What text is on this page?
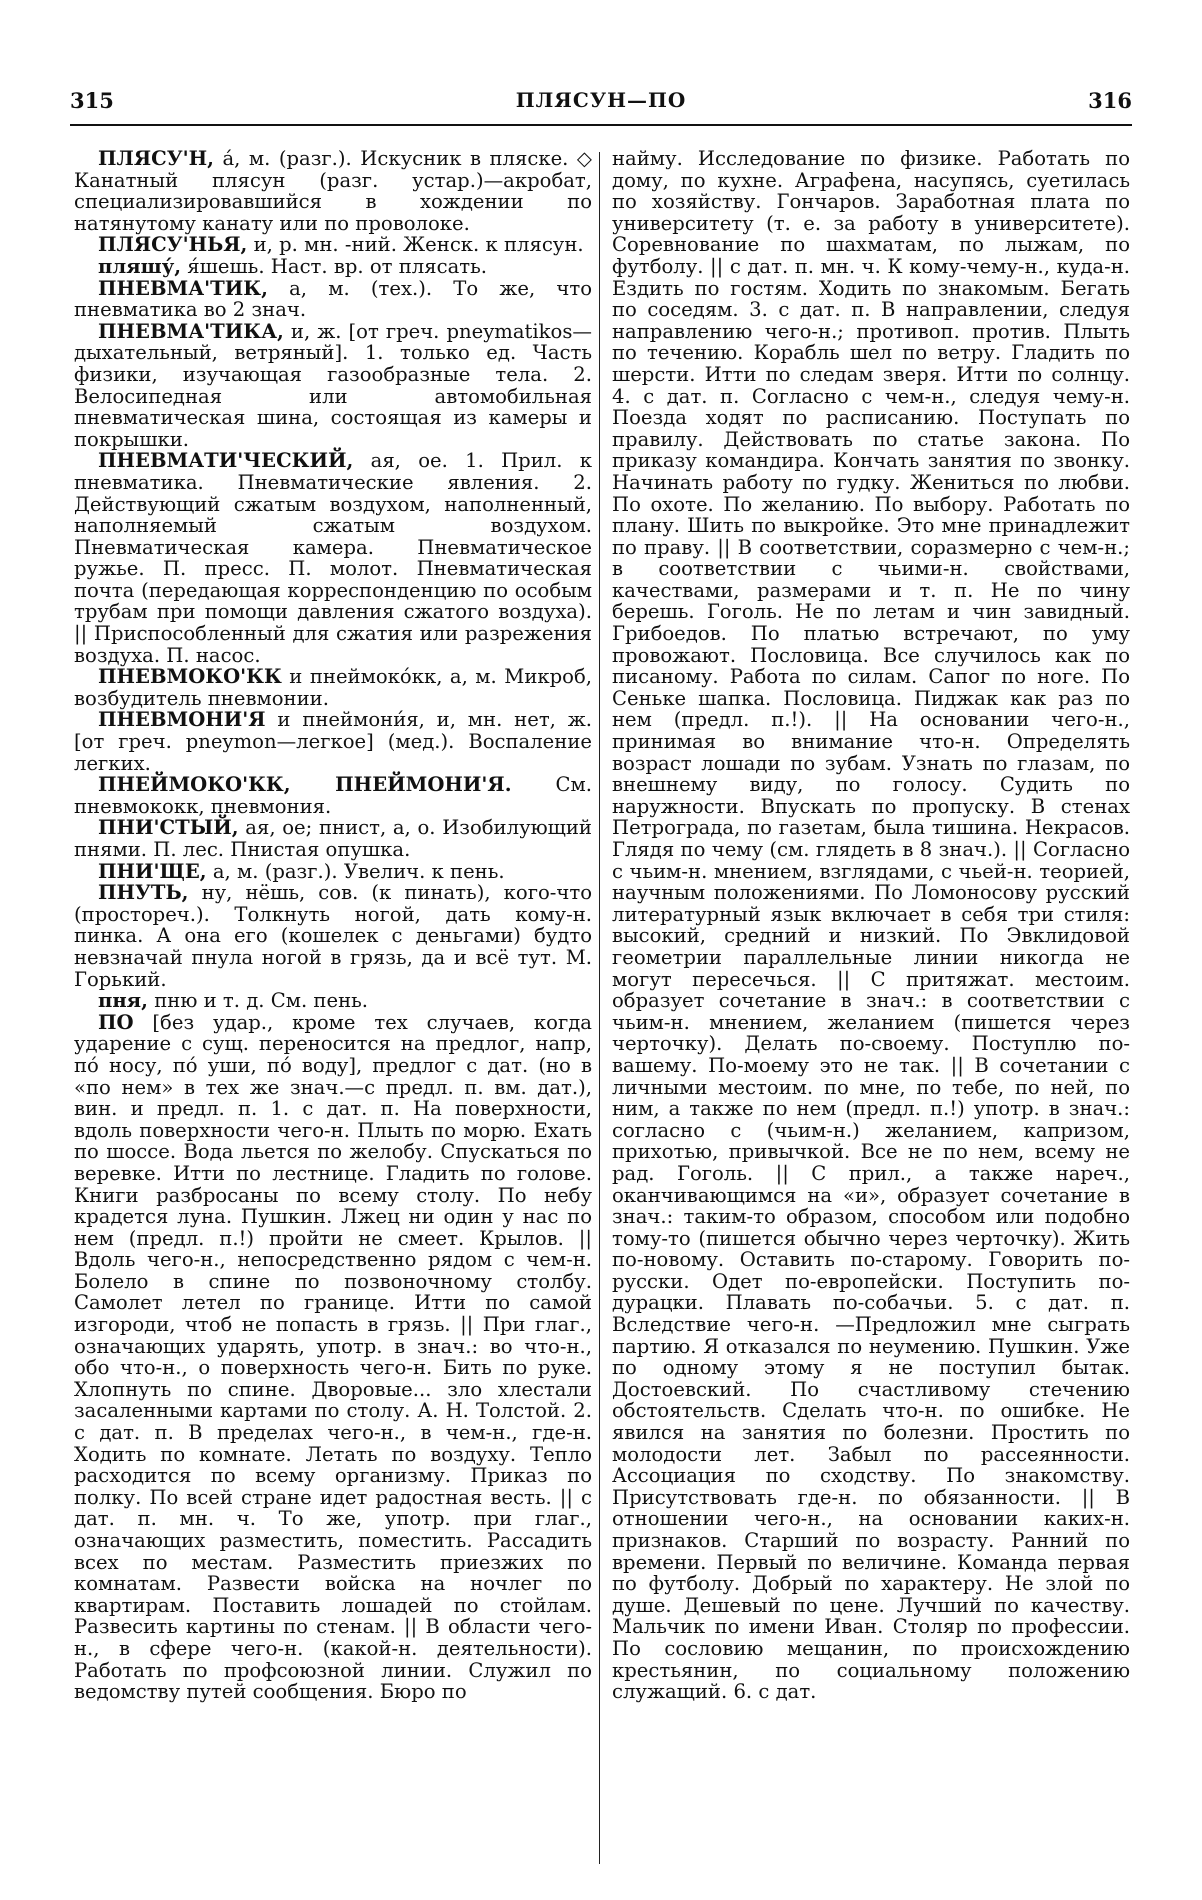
315	ПЛЯСУН—ПО	316

ПЛЯСУ'Н, а́, м. (разг.). Искусник в пляске. ◇ Канатный плясун (разг. устар.)—акробат, специализировавшийся в хождении по натянутому канату или по проволоке.

ПЛЯСУ'НЬЯ, и, р. мн. -ний. Женск. к плясун.

пляшу́, я́шешь. Наст. вр. от плясать.

ПНЕВМА'ТИК, а, м. (тех.). То же, что пневматика во 2 знач.

ПНЕВМА'ТИКА, и, ж. [от греч. pneymatikos—дыхательный, ветряный]. 1. только ед. Часть физики, изучающая газообразные тела. 2. Велосипедная или автомобильная пневматическая шина, состоящая из камеры и покрышки.

ПНЕВМАТИ'ЧЕСКИЙ, ая, ое. 1. Прил. к пневматика. Пневматические явления. 2. Действующий сжатым воздухом, наполненный, наполняемый сжатым воздухом. Пневматическая камера. Пневматическое ружье. П. пресс. П. молот. Пневматическая почта (передающая корреспонденцию по особым трубам при помощи давления сжатого воздуха). || Приспособленный для сжатия или разрежения воздуха. П. насос.

ПНЕВМОКО'КК и пнеймоко́кк, а, м. Микроб, возбудитель пневмонии.

ПНЕВМОНИ'Я и пнеймони́я, и, мн. нет, ж. [от греч. pneymon—легкое] (мед.). Воспаление легких.

ПНЕЙМОКО'КК, ПНЕЙМОНИ'Я. См. пневмококк, пневмония.

ПНИ'СТЫЙ, ая, ое; пнист, а, о. Изобилующий пнями. П. лес. Пнистая опушка.

ПНИ'ЩЕ, а, м. (разг.). Увелич. к пень.

ПНУТЬ, ну, нёшь, сов. (к пинать), кого-что (простореч.). Толкнуть ногой, дать кому-н. пинка. А она его (кошелек с деньгами) будто невзначай пнула ногой в грязь, да и всё тут. М. Горький.

пня, пню и т. д. См. пень.

ПО [без удар., кроме тех случаев, когда ударение с сущ. переносится на предлог, напр, по́ носу, по́ уши, по́ воду], предлог с дат. (но в «по нем» в тех же знач.—с предл. п. вм. дат.), вин. и предл. п. 1. с дат. п. На поверхности, вдоль поверхности чего-н. Плыть по морю. Ехать по шоссе. Вода льется по желобу. Спускаться по веревке. Итти по лестнице. Гладить по голове. Книги разбросаны по всему столу. По небу крадется луна. Пушкин. Лжец ни один у нас по нем (предл. п.!) пройти не смеет. Крылов. || Вдоль чего-н., непосредственно рядом с чем-н. Болело в спине по позвоночному столбу. Самолет летел по границе. Итти по самой изгороди, чтоб не попасть в грязь. || При глаг., означающих ударять, употр. в знач.: во что-н., обо что-н., о поверхность чего-н. Бить по руке. Хлопнуть по спине. Дворовые... зло хлестали засаленными картами по столу. А. Н. Толстой. 2. с дат. п. В пределах чего-н., в чем-н., где-н. Ходить по комнате. Летать по воздуху. Тепло расходится по всему организму. Приказ по полку. По всей стране идет радостная весть. || с дат. п. мн. ч. То же, употр. при глаг., означающих разместить, поместить. Рассадить всех по местам. Разместить приезжих по комнатам. Развести войска на ночлег по квартирам. Поставить лошадей по стойлам. Развесить картины по стенам. || В области чего-н., в сфере чего-н. (какой-н. деятельности). Работать по профсоюзной линии. Служил по ведомству путей сообщения. Бюро по

найму. Исследование по физике. Работать по дому, по кухне. Аграфена, насупясь, суетилась по хозяйству. Гончаров. Заработная плата по университету (т. е. за работу в университете). Соревнование по шахматам, по лыжам, по футболу. || с дат. п. мн. ч. К кому-чему-н., куда-н. Ездить по гостям. Ходить по знакомым. Бегать по соседям. 3. с дат. п. В направлении, следуя направлению чего-н.; противоп. против. Плыть по течению. Корабль шел по ветру. Гладить по шерсти. Итти по следам зверя. Итти по солнцу. 4. с дат. п. Согласно с чем-н., следуя чему-н. Поезда ходят по расписанию. Поступать по правилу. Действовать по статье закона. По приказу командира. Кончать занятия по звонку. Начинать работу по гудку. Жениться по любви. По охоте. По желанию. По выбору. Работать по плану. Шить по выкройке. Это мне принадлежит по праву. || В соответствии, соразмерно с чем-н.; в соответствии с чьими-н. свойствами, качествами, размерами и т. п. Не по чину берешь. Гоголь. Не по летам и чин завидный. Грибоедов. По платью встречают, по уму провожают. Пословица. Все случилось как по писаному. Работа по силам. Сапог по ноге. По Сеньке шапка. Пословица. Пиджак как раз по нем (предл. п.!). || На основании чего-н., принимая во внимание что-н. Определять возраст лошади по зубам. Узнать по глазам, по внешнему виду, по голосу. Судить по наружности. Впускать по пропуску. В стенах Петрограда, по газетам, была тишина. Некрасов. Глядя по чему (см. глядеть в 8 знач.). || Согласно с чьим-н. мнением, взглядами, с чьей-н. теорией, научным положениями. По Ломоносову русский литературный язык включает в себя три стиля: высокий, средний и низкий. По Эвклидовой геометрии параллельные линии никогда не могут пересечься. || С притяжат. местоим. образует сочетание в знач.: в соответствии с чьим-н. мнением, желанием (пишется через черточку). Делать по-своему. Поступлю по-вашему. По-моему это не так. || В сочетании с личными местоим. по мне, по тебе, по ней, по ним, а также по нем (предл. п.!) употр. в знач.: согласно с (чьим-н.) желанием, капризом, прихотью, привычкой. Все не по нем, всему не рад. Гоголь. || С прил., а также нареч., оканчивающимся на «и», образует сочетание в знач.: таким-то образом, способом или подобно тому-то (пишется обычно через черточку). Жить по-новому. Оставить по-старому. Говорить по-русски. Одет по-европейски. Поступить по-дурацки. Плавать по-собачьи. 5. с дат. п. Вследствие чего-н. —Предложил мне сыграть партию. Я отказался по неумению. Пушкин. Уже по одному этому я не поступил бытак. Достоевский. По счастливому стечению обстоятельств. Сделать что-н. по ошибке. Не явился на занятия по болезни. Простить по молодости лет. Забыл по рассеянности. Ассоциация по сходству. По знакомству. Присутствовать где-н. по обязанности. || В отношении чего-н., на основании каких-н. признаков. Старший по возрасту. Ранний по времени. Первый по величине. Команда первая по футболу. Добрый по характеру. Не злой по душе. Дешевый по цене. Лучший по качеству. Мальчик по имени Иван. Столяр по профессии. По сословию мещанин, по происхождению крестьянин, по социальному положению служащий. 6. с дат.
